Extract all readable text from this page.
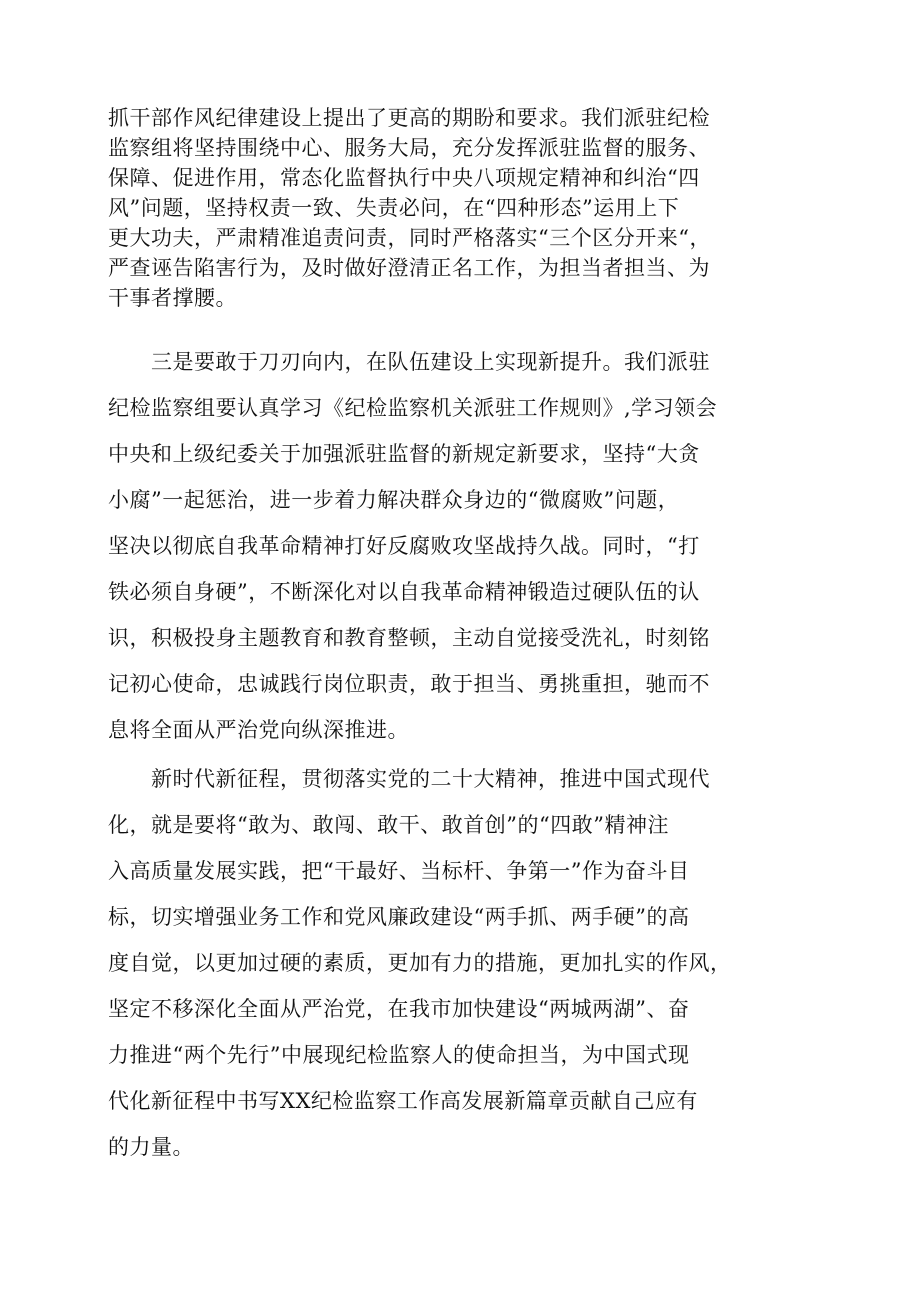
抓干部作风纪律建设上提出了更高的期盼和要求。我们派驻纪检
监察组将坚持围绕中心、服务大局，充分发挥派驻监督的服务、
保障、促进作用，常态化监督执行中央八项规定精神和纠治“四
风”问题，坚持权责一致、失责必问，在“四种形态”运用上下
更大功夫，严肃精准追责问责，同时严格落实“三个区分开来“，
严查诬告陷害行为，及时做好澄清正名工作，为担当者担当、为
干事者撑腰。
　　三是要敢于刀刃向内，在队伍建设上实现新提升。我们派驻
纪检监察组要认真学习《纪检监察机关派驻工作规则》,学习领会
中央和上级纪委关于加强派驻监督的新规定新要求，坚持“大贪
小腐”一起惩治，进一步着力解决群众身边的“微腐败”问题，
坚决以彻底自我革命精神打好反腐败攻坚战持久战。同时，“打
铁必须自身硬”，不断深化对以自我革命精神锻造过硬队伍的认
识，积极投身主题教育和教育整顿，主动自觉接受洗礼，时刻铭
记初心使命，忠诚践行岗位职责，敢于担当、勇挑重担，驰而不
息将全面从严治党向纵深推进。
　　新时代新征程，贯彻落实党的二十大精神，推进中国式现代
化，就是要将“敢为、敢闯、敢干、敢首创”的“四敢”精神注
入高质量发展实践，把“干最好、当标杆、争第一”作为奋斗目
标，切实增强业务工作和党风廉政建设“两手抓、两手硬”的高
度自觉，以更加过硬的素质，更加有力的措施，更加扎实的作风，
坚定不移深化全面从严治党，在我市加快建设“两城两湖”、奋
力推进“两个先行”中展现纪检监察人的使命担当，为中国式现
代化新征程中书写XX纪检监察工作高发展新篇章贡献自己应有
的力量。
